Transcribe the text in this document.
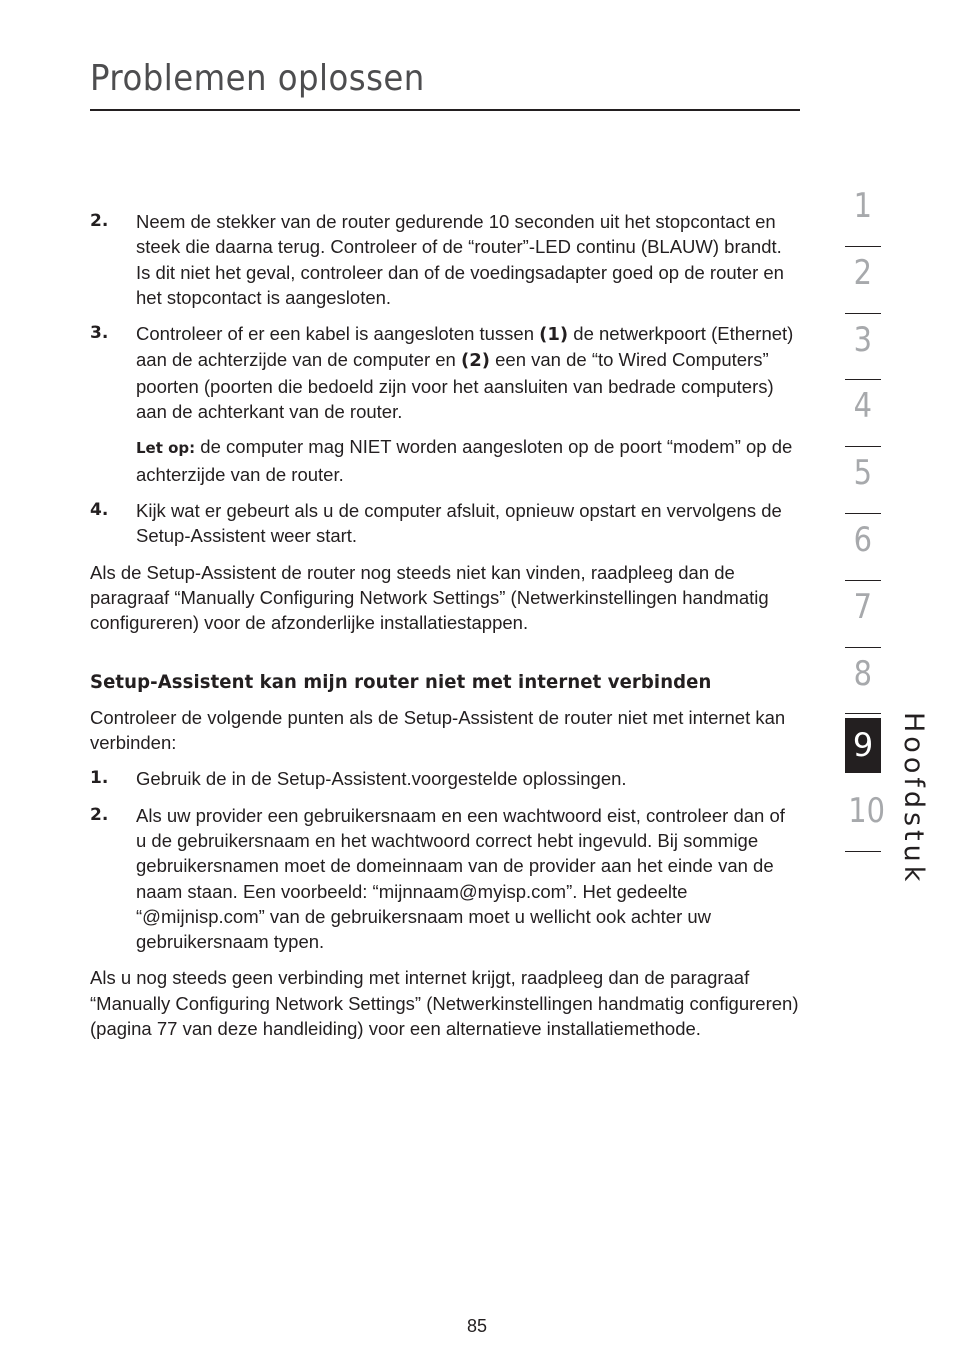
Problemen oplossen
2. Neem de stekker van de router gedurende 10 seconden uit het stopcontact en steek die daarna terug. Controleer of de “router”-LED continu (BLAUW) brandt. Is dit niet het geval, controleer dan of de voedingsadapter goed op de router en het stopcontact is aangesloten.
3. Controleer of er een kabel is aangesloten tussen (1) de netwerkpoort (Ethernet) aan de achterzijde van de computer en (2) een van de “to Wired Computers” poorten (poorten die bedoeld zijn voor het aansluiten van bedrade computers) aan de achterkant van de router.
Let op: de computer mag NIET worden aangesloten op de poort “modem” op de achterzijde van de router.
4. Kijk wat er gebeurt als u de computer afsluit, opnieuw opstart en vervolgens de Setup-Assistent weer start.

Als de Setup-Assistent de router nog steeds niet kan vinden, raadpleeg dan de paragraaf “Manually Configuring Network Settings” (Netwerkinstellingen handmatig configureren) voor de afzonderlijke installatiestappen.

Setup-Assistent kan mijn router niet met internet verbinden

Controleer de volgende punten als de Setup-Assistent de router niet met internet kan verbinden:

1. Gebruik de in de Setup-Assistent.voorgestelde oplossingen.
2. Als uw provider een gebruikersnaam en een wachtwoord eist, controleer dan of u de gebruikersnaam en het wachtwoord correct hebt ingevuld. Bij sommige gebruikersnamen moet de domeinnaam van de provider aan het einde van de naam staan. Een voorbeeld: “mijnnaam@myisp.com”. Het gedeelte “@mijnisp.com” van de gebruikersnaam moet u wellicht ook achter uw gebruikersnaam typen.

Als u nog steeds geen verbinding met internet krijgt, raadpleeg dan de paragraaf “Manually Configuring Network Settings” (Netwerkinstellingen handmatig configureren) (pagina 77 van deze handleiding) voor een alternatieve installatiemethode.

1
2
3
4
5
6
7
8
9
10 Hoofdstuk
85
